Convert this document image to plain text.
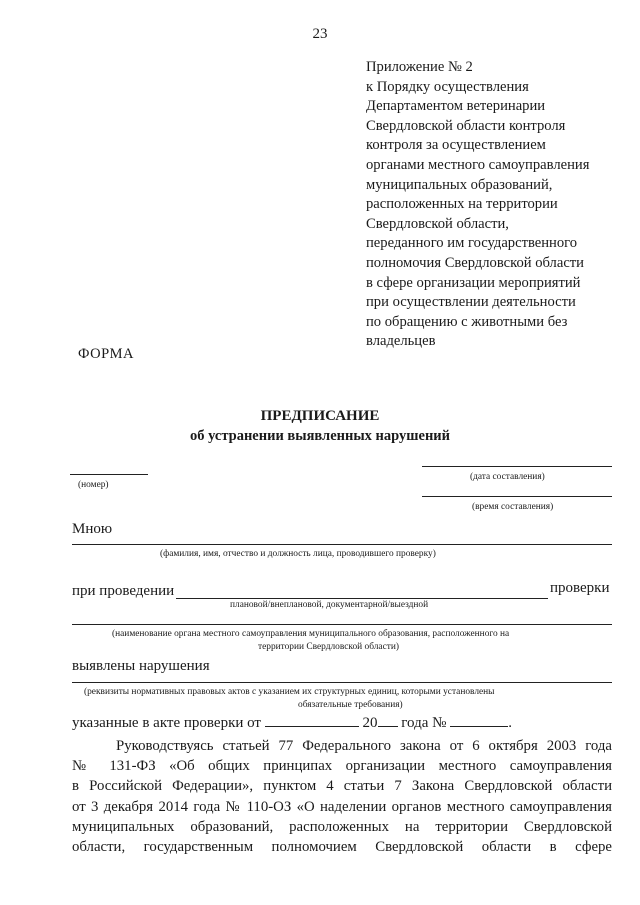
23
Приложение № 2
к Порядку осуществления
Департаментом ветеринарии
Свердловской области контроля
контроля за осуществлением
органами местного самоуправления
муниципальных образований,
расположенных на территории
Свердловской области,
переданного им государственного
полномочия Свердловской области
в сфере организации мероприятий
при осуществлении деятельности
по обращению с животными без
владельцев
ФОРМА
ПРЕДПИСАНИЕ
об устранении выявленных нарушений
(номер)
(дата составления)
(время составления)
Мною
(фамилия, имя, отчество и должность лица, проводившего проверку)
при проведении	проверки
плановой/внеплановой, документарной/выездной
(наименование органа местного самоуправления муниципального образования, расположенного на
территории Свердловской области)
выявлены нарушения
(реквизиты нормативных правовых актов с указанием их структурных единиц, которыми установлены
обязательные требования)
указанные в акте проверки от	20 года №	.
Руководствуясь статьей 77 Федерального закона от 6 октября 2003 года
№ 131-ФЗ «Об общих принципах организации местного самоуправления
в Российской Федерации», пунктом 4 статьи 7 Закона Свердловской области
от 3 декабря 2014 года № 110-ОЗ «О наделении органов местного самоуправления
муниципальных образований, расположенных на территории Свердловской
области, государственным полномочием Свердловской области в сфере
